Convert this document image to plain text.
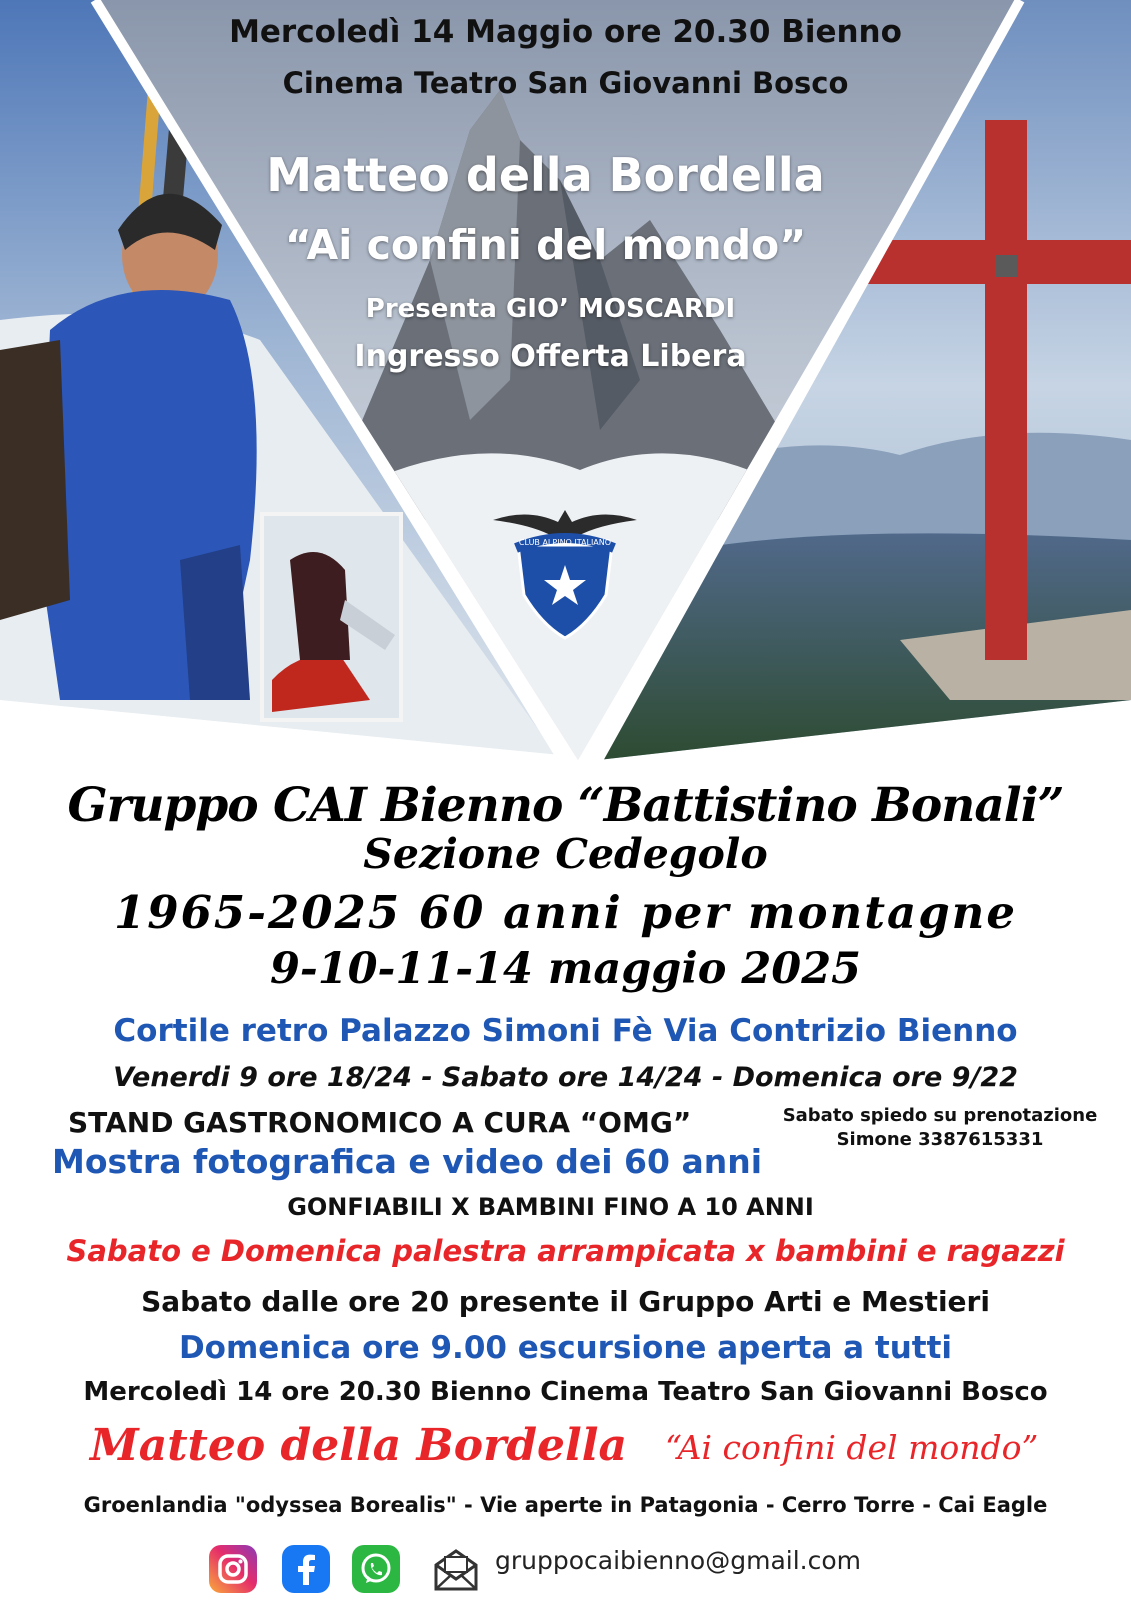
CLUB ALPINO ITALIANO
Mercoledì 14 Maggio ore 20.30 Bienno
Cinema Teatro San Giovanni Bosco
Matteo della Bordella
“Ai confini del mondo”
Presenta GIO’ MOSCARDI
Ingresso Offerta Libera
Gruppo CAI Bienno “Battistino Bonali”
Sezione Cedegolo
1965-2025 60 anni per montagne
9-10-11-14 maggio 2025
Cortile retro Palazzo Simoni Fè Via Contrizio Bienno
Venerdi 9 ore 18/24 - Sabato ore 14/24 - Domenica ore 9/22
STAND GASTRONOMICO A CURA “OMG”	Sabato spiedo su prenotazione
Simone 3387615331
Mostra fotografica e video dei 60 anni
GONFIABILI X BAMBINI FINO A 10 ANNI
Sabato e Domenica palestra arrampicata x bambini e ragazzi
Sabato dalle ore 20 presente il Gruppo Arti e Mestieri
Domenica ore 9.00 escursione aperta a tutti
Mercoledì 14 ore 20.30 Bienno Cinema Teatro San Giovanni Bosco
Matteo della Bordella “Ai confini del mondo”
Groenlandia "odyssea Borealis" - Vie aperte in Patagonia - Cerro Torre - Cai Eagle
gruppocaibienno@gmail.com
